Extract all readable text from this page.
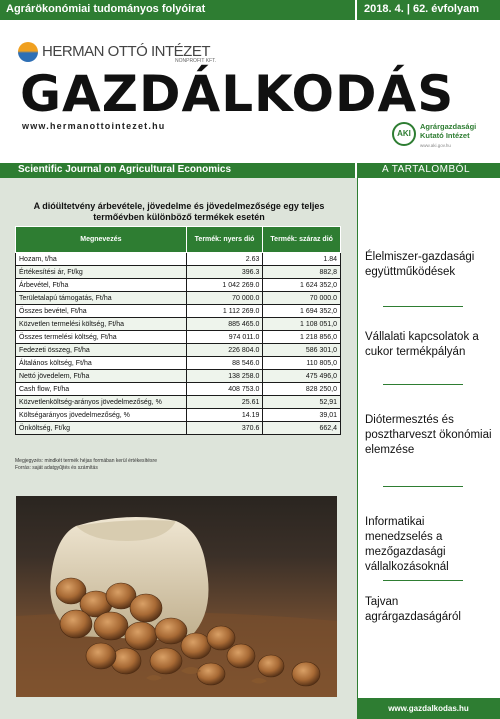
Agrárökonómiai tudományos folyóirat	2018. 4. | 62. évfolyam
HERMAN OTTÓ INTÉZET
NONPROFIT KFT.
GAZDÁLKODÁS
www.hermanottointezet.hu
AKI
Agrárgazdasági
Kutató Intézet
www.aki.gov.hu
Scientific Journal on Agricultural Economics	A TARTALOMBÓL
A dióültetvény árbevétele, jövedelme és jövedelmezősége egy teljes
termőévben különböző termékek esetén
Megnevezés	Termék: nyers dió	Termék: száraz dió
Hozam, t/ha	2.63	1.84
Értékesítési ár, Ft/kg	396.3	882,8
Árbevétel, Ft/ha	1 042 269.0	1 624 352,0
Területalapú támogatás, Ft/ha	70 000.0	70 000.0
Összes bevétel, Ft/ha	1 112 269.0	1 694 352,0
Közvetlen termelési költség, Ft/ha	885 465.0	1 108 051,0
Összes termelési költség, Ft/ha	974 011.0	1 218 856,0
Fedezeti összeg, Ft/ha	226 804.0	586 301,0
Általános költség, Ft/ha	88 546.0	110 805,0
Nettó jövedelem, Ft/ha	138 258.0	475 496,0
Cash flow, Ft/ha	408 753.0	828 250,0
Közvetlenköltség-arányos jövedelmezőség, %	25.61	52,91
Költségarányos jövedelmezőség, %	14.19	39,01
Önköltség, Ft/kg	370.6	662,4
Megjegyzés: mindkét termék héjas formában kerül értékesítésre
Forrás: saját adatgyűjtés és számítás
Élelmiszer-gazdasági együttműködések
Vállalati kapcsolatok a cukor termékpályán
Diótermesztés és posztharveszt ökonómiai elemzése
Informatikai menedzselés a mezőgazdasági vállalkozásoknál
Tajvan agrárgazdaságáról
www.gazdalkodas.hu
